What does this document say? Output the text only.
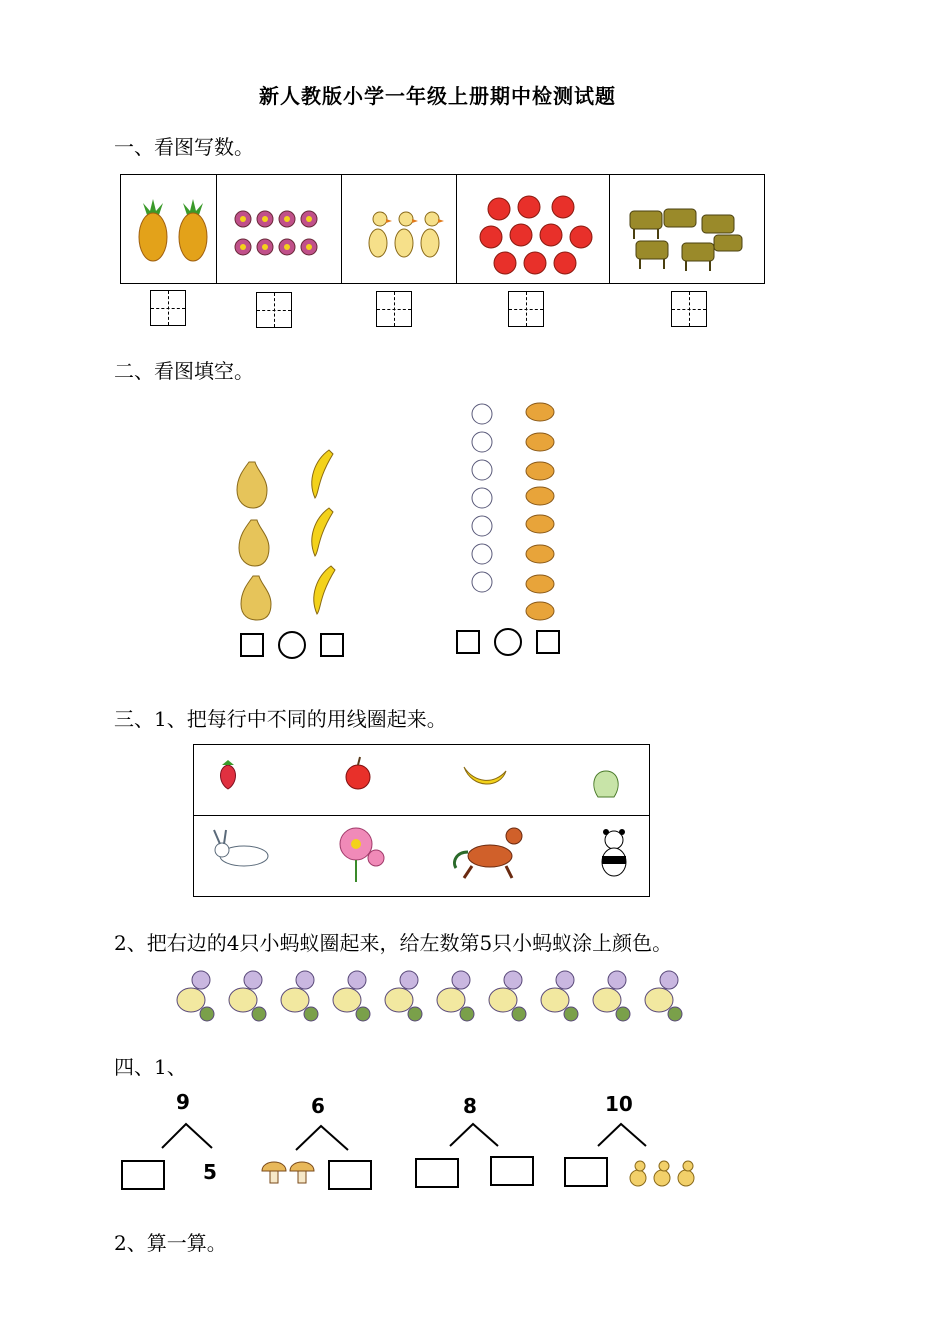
新人教版小学一年级上册期中检测试题
一、看图写数。

二、看图填空。
三、1、把每行中不同的用线圈起来。

2、把右边的4只小蚂蚁圈起来，给左数第5只小蚂蚁涂上颜色。
四、1、
9
5
6	8	10
2、算一算。
